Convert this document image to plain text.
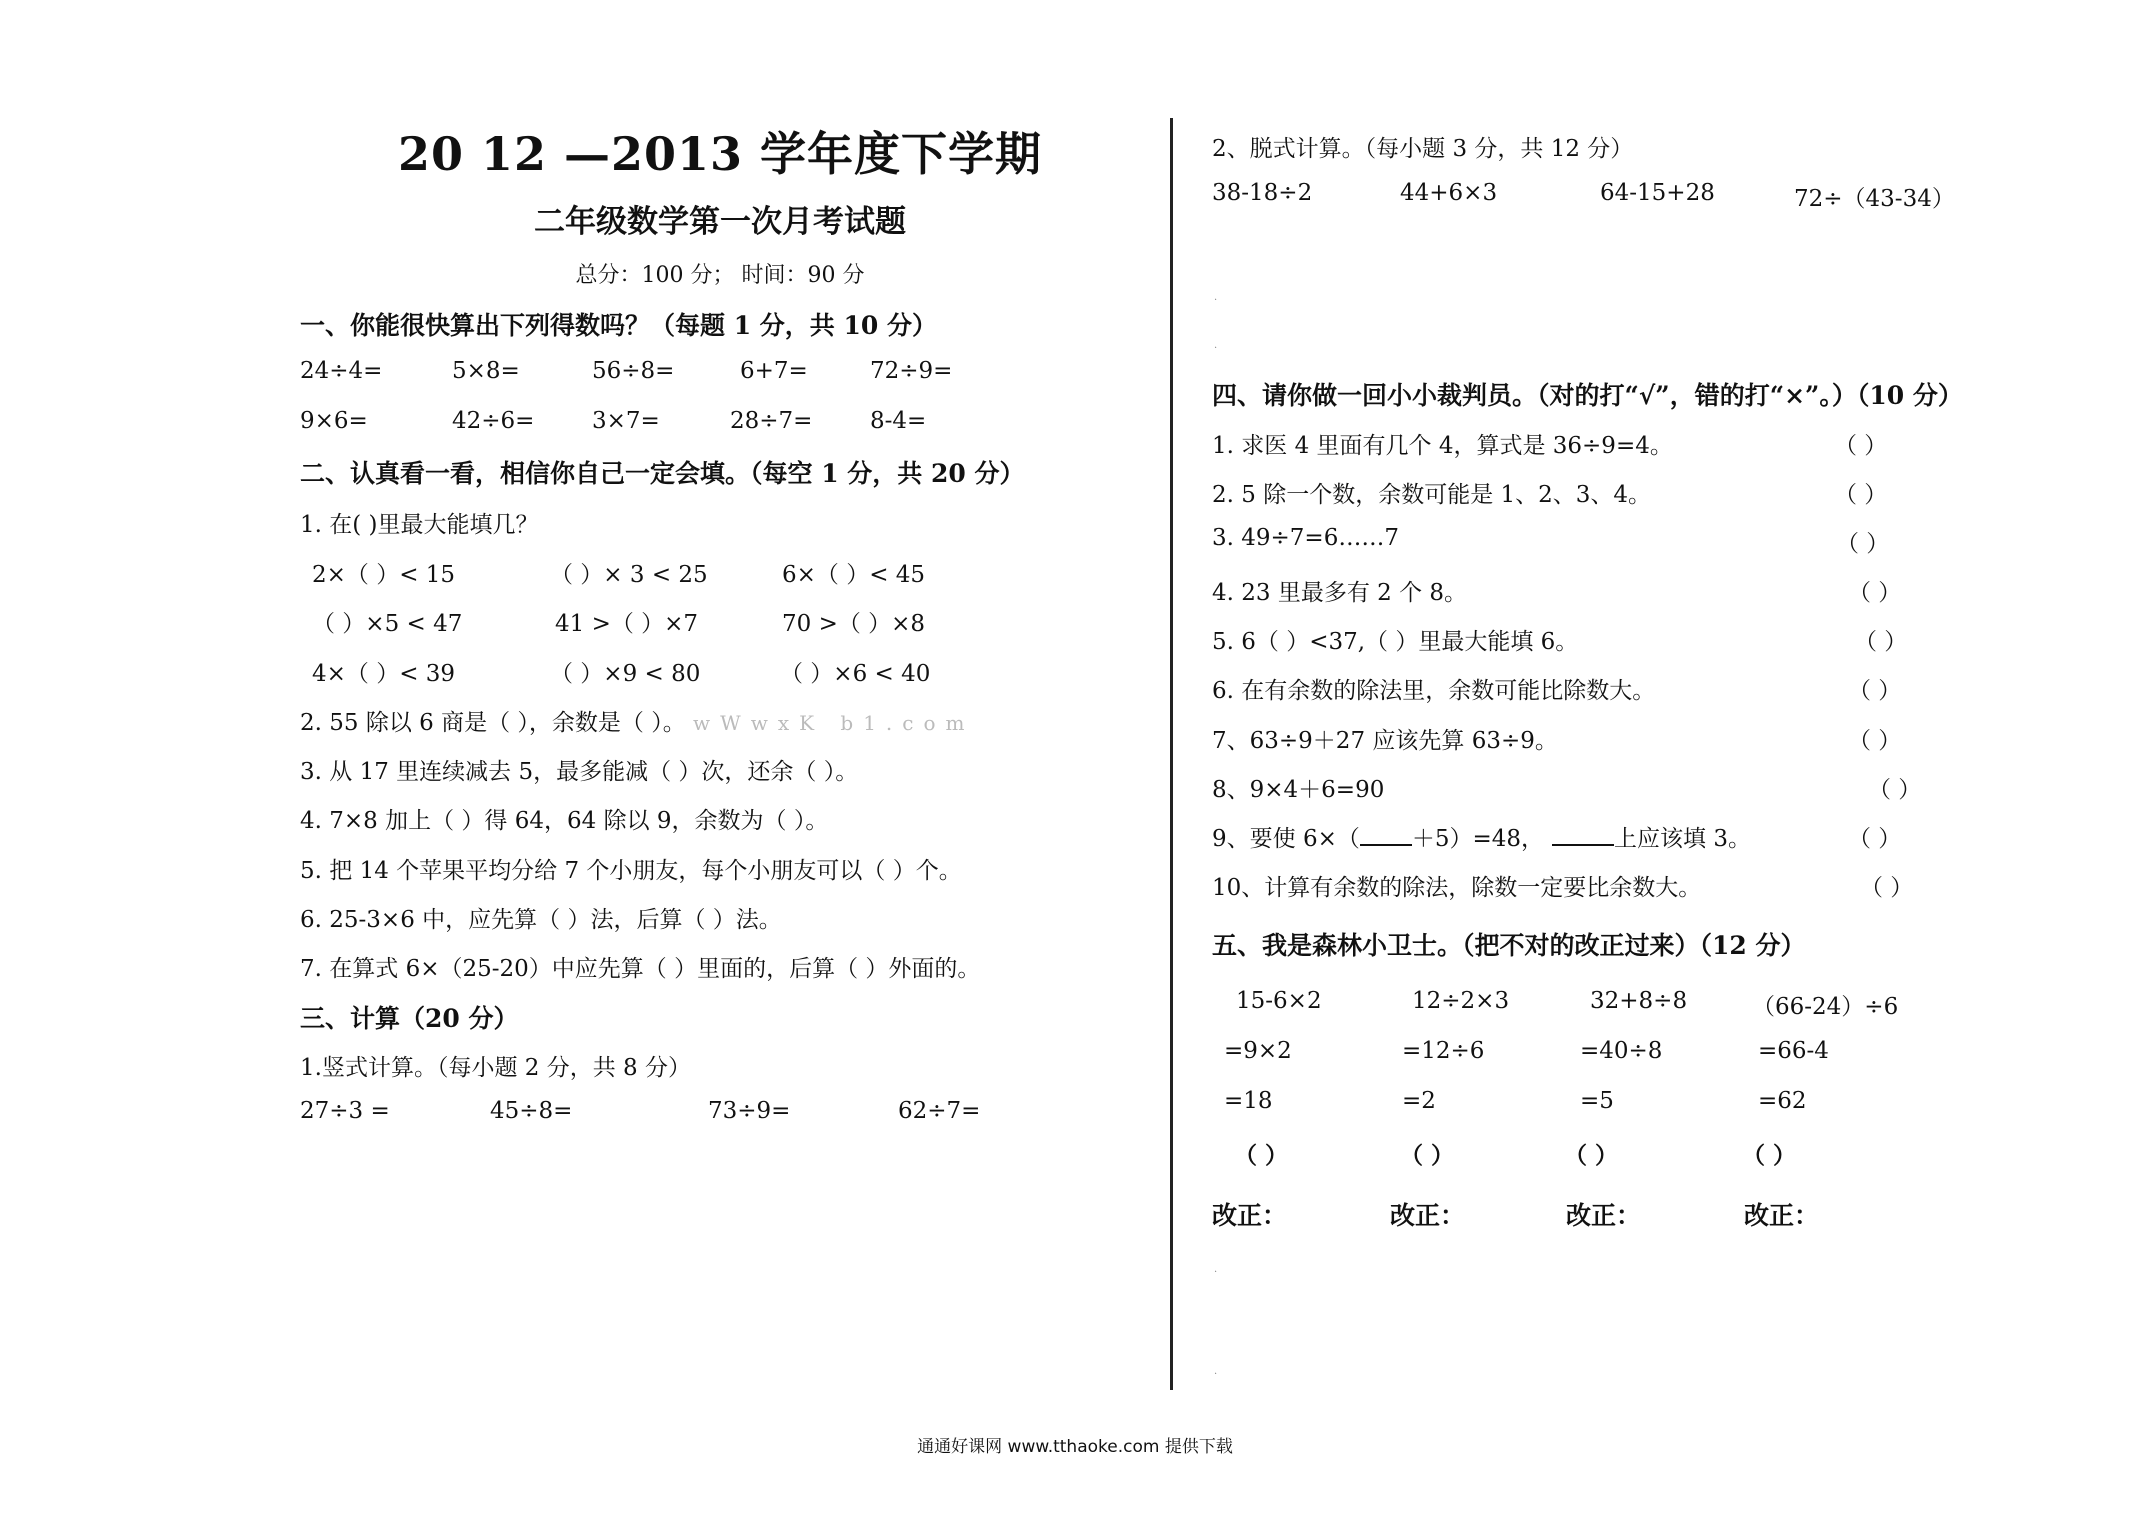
20 12 —2013 学年度下学期
二年级数学第一次月考试题
总分：100 分； 时间：90 分
一、你能很快算出下列得数吗？（每题 1 分，共 10 分）
24÷4=	5×8=	56÷8=	6+7=	72÷9=
9×6=	42÷6=	3×7=	28÷7=	8-4=
二、认真看一看，相信你自己一定会填。（每空 1 分，共 20 分）
1. 在( )里最大能填几？
2×（ ）< 15	（ ）× 3 < 25	6×（ ）< 45
（ ）×5 < 47	41 >（ ）×7	70 >（ ）×8
4×（ ）< 39	（ ）×9 < 80	（ ）×6 < 40
2. 55 除以 6 商是（ ），余数是（ ）。 wWwxK b1.com
3. 从 17 里连续减去 5，最多能减（ ）次，还余（ ）。
4. 7×8 加上（ ）得 64，64 除以 9，余数为（ ）。
5. 把 14 个苹果平均分给 7 个小朋友，每个小朋友可以（ ）个。
6. 25-3×6 中，应先算（ ）法，后算（ ）法。
7. 在算式 6×（25-20）中应先算（ ）里面的，后算（ ）外面的。
三、计算（20 分）
1.竖式计算。（每小题 2 分，共 8 分）
27÷3 =	45÷8=	73÷9=	62÷7=
2、脱式计算。（每小题 3 分，共 12 分）
38-18÷2	44+6×3	64-15+28	72÷（43-34）
.
.
四、请你做一回小小裁判员。（对的打“√”，错的打“×”。）（10 分）
1. 求医 4 里面有几个 4，算式是 36÷9=4。	（ ）
2. 5 除一个数，余数可能是 1、2、3、4。	（ ）
3. 49÷7=6……7	（ ）
4. 23 里最多有 2 个 8。	（ ）
5. 6（ ）<37,（ ）里最大能填 6。	（ ）
6. 在有余数的除法里，余数可能比除数大。	（ ）
7、63÷9＋27 应该先算 63÷9。	（ ）
8、9×4＋6=90	（ ）
9、要使 6×（ ＋5）=48，	上应该填 3。	（ ）
10、计算有余数的除法，除数一定要比余数大。	（ ）
五、我是森林小卫士。（把不对的改正过来）（12 分）
15-6×2	12÷2×3	32+8÷8	（66-24）÷6
=9×2	=12÷6	=40÷8	=66-4
=18	=2	=5	=62
（ ）	（ ）	（ ）	（ ）
改正：	改正：	改正：	改正：
.
.
通通好课网 www.tthaoke.com 提供下载
